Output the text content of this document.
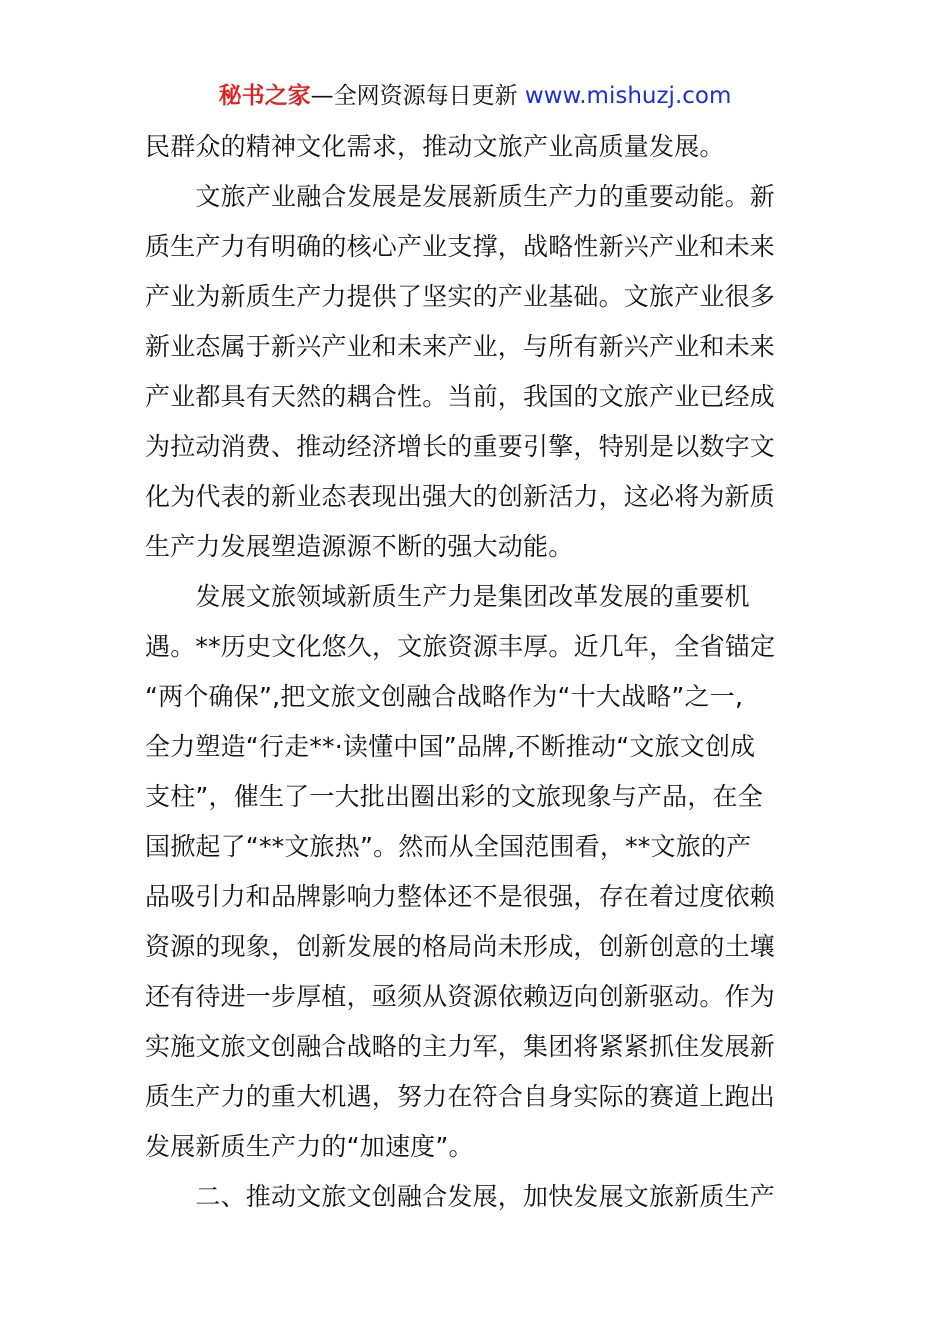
秘书之家—全网资源每日更新 www.mishuzj.com
民群众的精神文化需求，推动文旅产业高质量发展。
　　文旅产业融合发展是发展新质生产力的重要动能。新
质生产力有明确的核心产业支撑，战略性新兴产业和未来
产业为新质生产力提供了坚实的产业基础。文旅产业很多
新业态属于新兴产业和未来产业，与所有新兴产业和未来
产业都具有天然的耦合性。当前，我国的文旅产业已经成
为拉动消费、推动经济增长的重要引擎，特别是以数字文
化为代表的新业态表现出强大的创新活力，这必将为新质
生产力发展塑造源源不断的强大动能。
　　发展文旅领域新质生产力是集团改革发展的重要机
遇。**历史文化悠久，文旅资源丰厚。近几年，全省锚定
“两个确保”,把文旅文创融合战略作为“十大战略”之一,
全力塑造“行走**·读懂中国”品牌,不断推动“文旅文创成
支柱”，催生了一大批出圈出彩的文旅现象与产品，在全
国掀起了“**文旅热”。然而从全国范围看，**文旅的产
品吸引力和品牌影响力整体还不是很强，存在着过度依赖
资源的现象，创新发展的格局尚未形成，创新创意的土壤
还有待进一步厚植，亟须从资源依赖迈向创新驱动。作为
实施文旅文创融合战略的主力军，集团将紧紧抓住发展新
质生产力的重大机遇，努力在符合自身实际的赛道上跑出
发展新质生产力的“加速度”。
　　二、推动文旅文创融合发展，加快发展文旅新质生产
